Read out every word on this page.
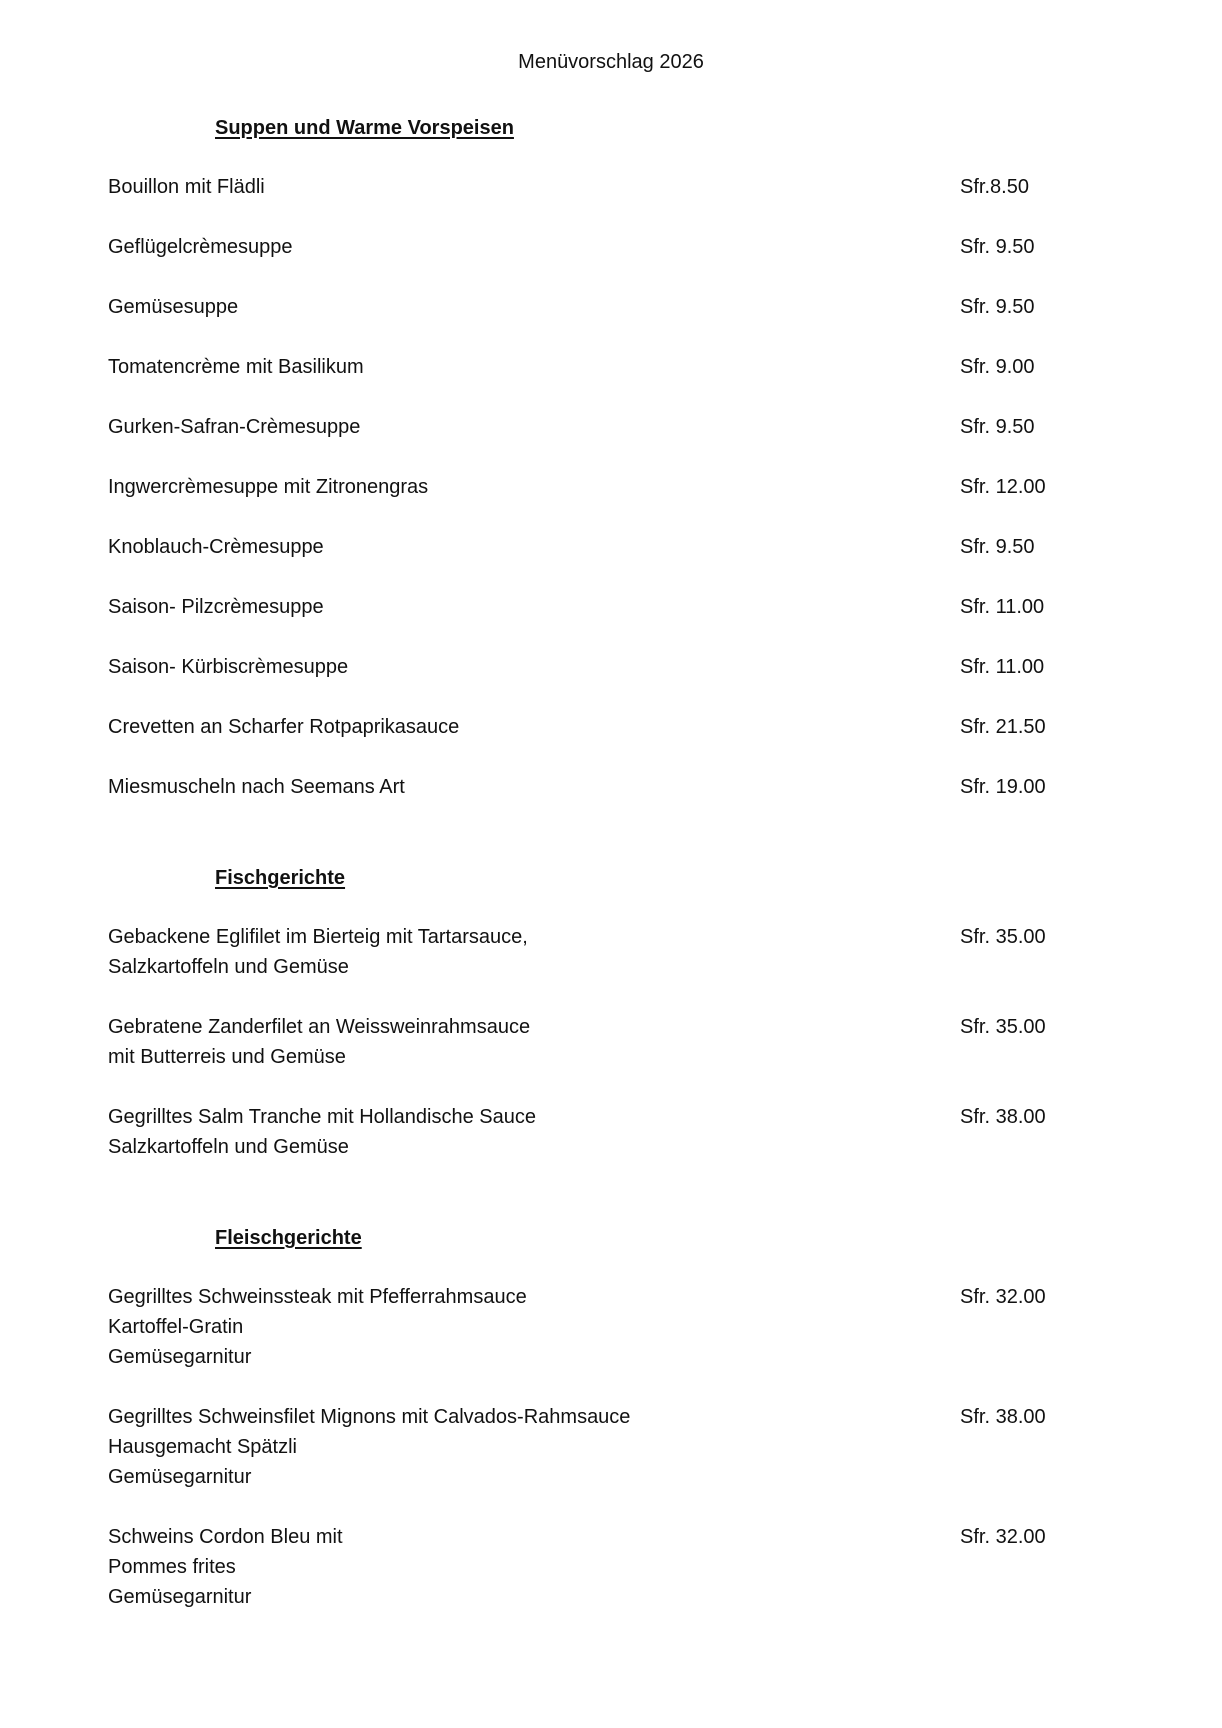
Menüvorschlag 2026
Suppen und Warme Vorspeisen
Bouillon mit Flädli	Sfr.8.50
Geflügelcrèmesuppe	Sfr. 9.50
Gemüsesuppe	Sfr. 9.50
Tomatencrème mit Basilikum	Sfr. 9.00
Gurken-Safran-Crèmesuppe	Sfr. 9.50
Ingwercrèmesuppe mit Zitronengras	Sfr. 12.00
Knoblauch-Crèmesuppe	Sfr. 9.50
Saison- Pilzcrèmesuppe	Sfr. 11.00
Saison- Kürbiscrèmesuppe	Sfr. 11.00
Crevetten an Scharfer Rotpaprikasauce	Sfr. 21.50
Miesmuscheln nach Seemans Art	Sfr. 19.00
Fischgerichte
Gebackene Eglifilet im Bierteig mit Tartarsauce,
Salzkartoffeln und Gemüse
Sfr. 35.00
Gebratene Zanderfilet an Weissweinrahmsauce
mit Butterreis und Gemüse
Sfr. 35.00
Gegrilltes Salm Tranche mit Hollandische Sauce
Salzkartoffeln und Gemüse
Sfr. 38.00
Fleischgerichte
Gegrilltes Schweinssteak mit Pfefferrahmsauce
Kartoffel-Gratin
Gemüsegarnitur
Sfr. 32.00
Gegrilltes Schweinsfilet Mignons mit Calvados-Rahmsauce
Hausgemacht Spätzli
Gemüsegarnitur
Sfr. 38.00
Schweins Cordon Bleu mit
Pommes frites
Gemüsegarnitur
Sfr. 32.00
